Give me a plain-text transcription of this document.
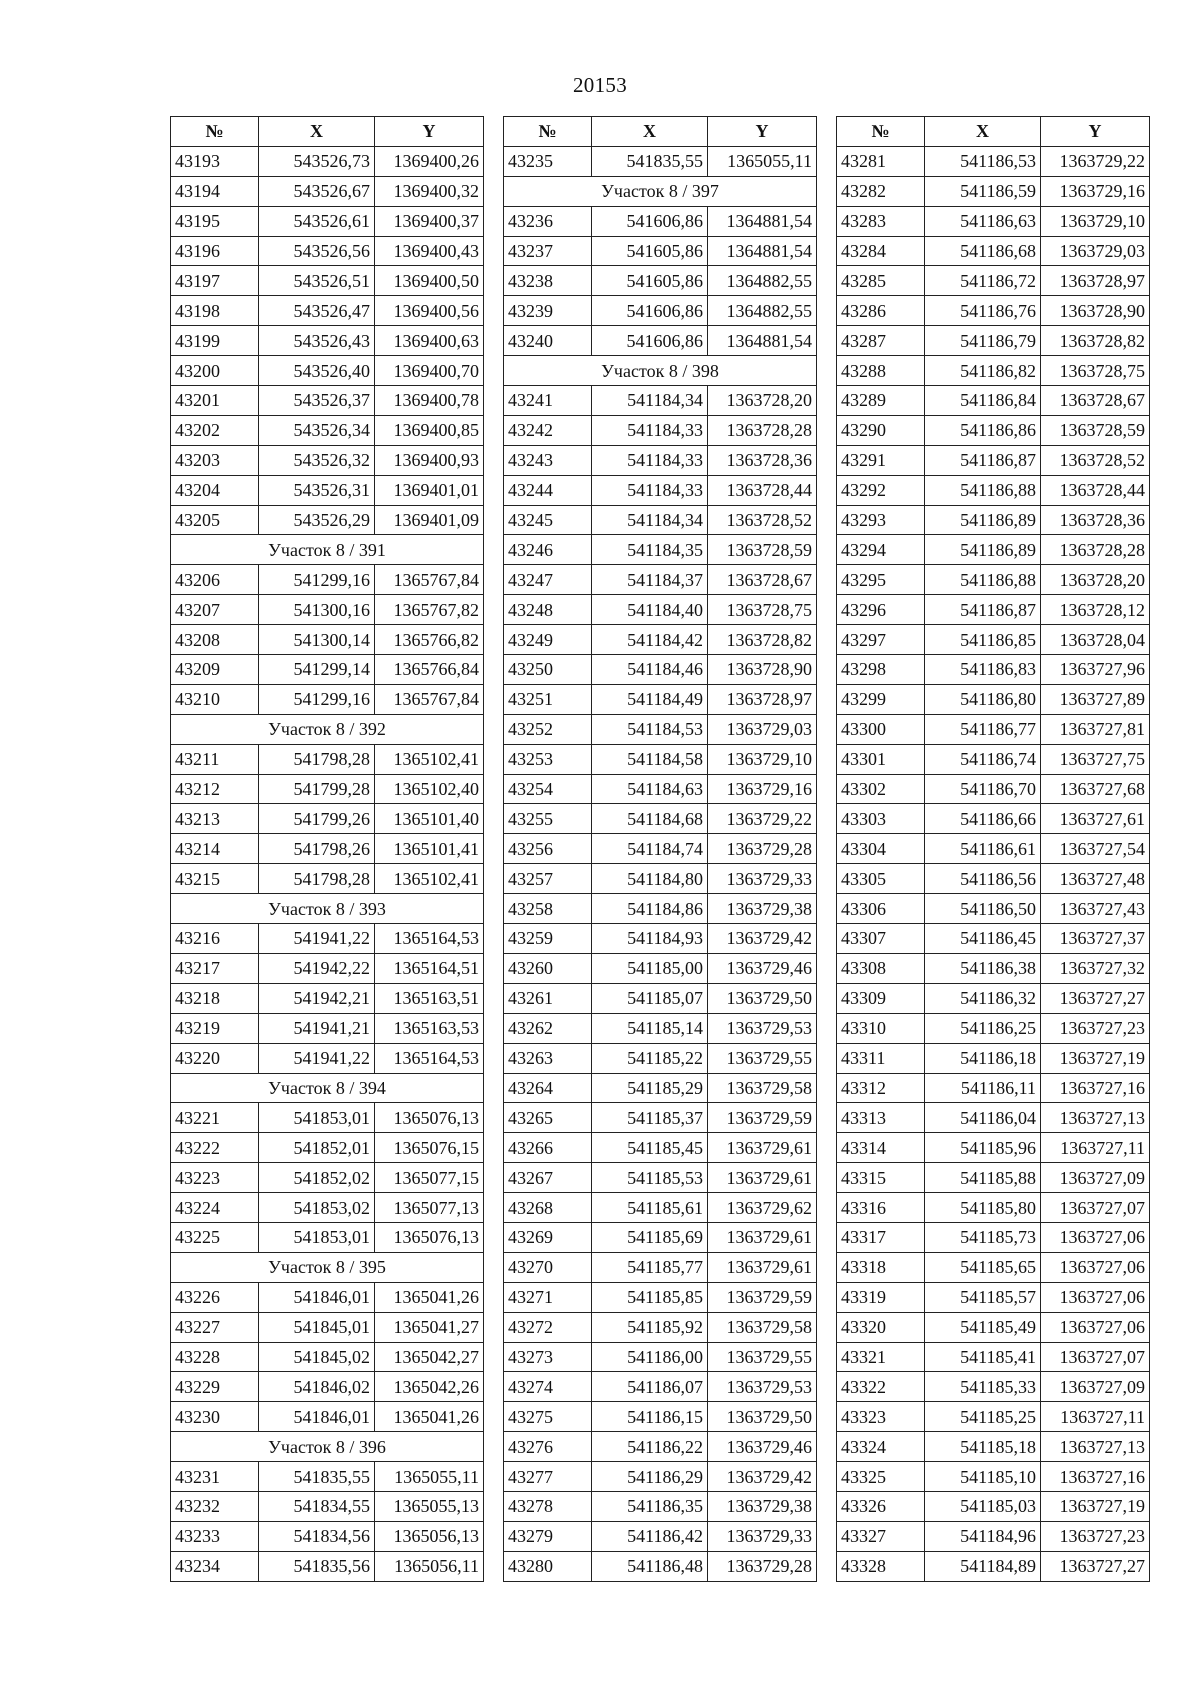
20153
№	X	Y
43193	543526,73	1369400,26
43194	543526,67	1369400,32
43195	543526,61	1369400,37
43196	543526,56	1369400,43
43197	543526,51	1369400,50
43198	543526,47	1369400,56
43199	543526,43	1369400,63
43200	543526,40	1369400,70
43201	543526,37	1369400,78
43202	543526,34	1369400,85
43203	543526,32	1369400,93
43204	543526,31	1369401,01
43205	543526,29	1369401,09
Участок 8 / 391		
43206	541299,16	1365767,84
43207	541300,16	1365767,82
43208	541300,14	1365766,82
43209	541299,14	1365766,84
43210	541299,16	1365767,84
Участок 8 / 392		
43211	541798,28	1365102,41
43212	541799,28	1365102,40
43213	541799,26	1365101,40
43214	541798,26	1365101,41
43215	541798,28	1365102,41
Участок 8 / 393		
43216	541941,22	1365164,53
43217	541942,22	1365164,51
43218	541942,21	1365163,51
43219	541941,21	1365163,53
43220	541941,22	1365164,53
Участок 8 / 394		
43221	541853,01	1365076,13
43222	541852,01	1365076,15
43223	541852,02	1365077,15
43224	541853,02	1365077,13
43225	541853,01	1365076,13
Участок 8 / 395		
43226	541846,01	1365041,26
43227	541845,01	1365041,27
43228	541845,02	1365042,27
43229	541846,02	1365042,26
43230	541846,01	1365041,26
Участок 8 / 396		
43231	541835,55	1365055,11
43232	541834,55	1365055,13
43233	541834,56	1365056,13
43234	541835,56	1365056,11
№	X	Y
43235	541835,55	1365055,11
Участок 8 / 397		
43236	541606,86	1364881,54
43237	541605,86	1364881,54
43238	541605,86	1364882,55
43239	541606,86	1364882,55
43240	541606,86	1364881,54
Участок 8 / 398		
43241	541184,34	1363728,20
43242	541184,33	1363728,28
43243	541184,33	1363728,36
43244	541184,33	1363728,44
43245	541184,34	1363728,52
43246	541184,35	1363728,59
43247	541184,37	1363728,67
43248	541184,40	1363728,75
43249	541184,42	1363728,82
43250	541184,46	1363728,90
43251	541184,49	1363728,97
43252	541184,53	1363729,03
43253	541184,58	1363729,10
43254	541184,63	1363729,16
43255	541184,68	1363729,22
43256	541184,74	1363729,28
43257	541184,80	1363729,33
43258	541184,86	1363729,38
43259	541184,93	1363729,42
43260	541185,00	1363729,46
43261	541185,07	1363729,50
43262	541185,14	1363729,53
43263	541185,22	1363729,55
43264	541185,29	1363729,58
43265	541185,37	1363729,59
43266	541185,45	1363729,61
43267	541185,53	1363729,61
43268	541185,61	1363729,62
43269	541185,69	1363729,61
43270	541185,77	1363729,61
43271	541185,85	1363729,59
43272	541185,92	1363729,58
43273	541186,00	1363729,55
43274	541186,07	1363729,53
43275	541186,15	1363729,50
43276	541186,22	1363729,46
43277	541186,29	1363729,42
43278	541186,35	1363729,38
43279	541186,42	1363729,33
43280	541186,48	1363729,28
№	X	Y
43281	541186,53	1363729,22
43282	541186,59	1363729,16
43283	541186,63	1363729,10
43284	541186,68	1363729,03
43285	541186,72	1363728,97
43286	541186,76	1363728,90
43287	541186,79	1363728,82
43288	541186,82	1363728,75
43289	541186,84	1363728,67
43290	541186,86	1363728,59
43291	541186,87	1363728,52
43292	541186,88	1363728,44
43293	541186,89	1363728,36
43294	541186,89	1363728,28
43295	541186,88	1363728,20
43296	541186,87	1363728,12
43297	541186,85	1363728,04
43298	541186,83	1363727,96
43299	541186,80	1363727,89
43300	541186,77	1363727,81
43301	541186,74	1363727,75
43302	541186,70	1363727,68
43303	541186,66	1363727,61
43304	541186,61	1363727,54
43305	541186,56	1363727,48
43306	541186,50	1363727,43
43307	541186,45	1363727,37
43308	541186,38	1363727,32
43309	541186,32	1363727,27
43310	541186,25	1363727,23
43311	541186,18	1363727,19
43312	541186,11	1363727,16
43313	541186,04	1363727,13
43314	541185,96	1363727,11
43315	541185,88	1363727,09
43316	541185,80	1363727,07
43317	541185,73	1363727,06
43318	541185,65	1363727,06
43319	541185,57	1363727,06
43320	541185,49	1363727,06
43321	541185,41	1363727,07
43322	541185,33	1363727,09
43323	541185,25	1363727,11
43324	541185,18	1363727,13
43325	541185,10	1363727,16
43326	541185,03	1363727,19
43327	541184,96	1363727,23
43328	541184,89	1363727,27
